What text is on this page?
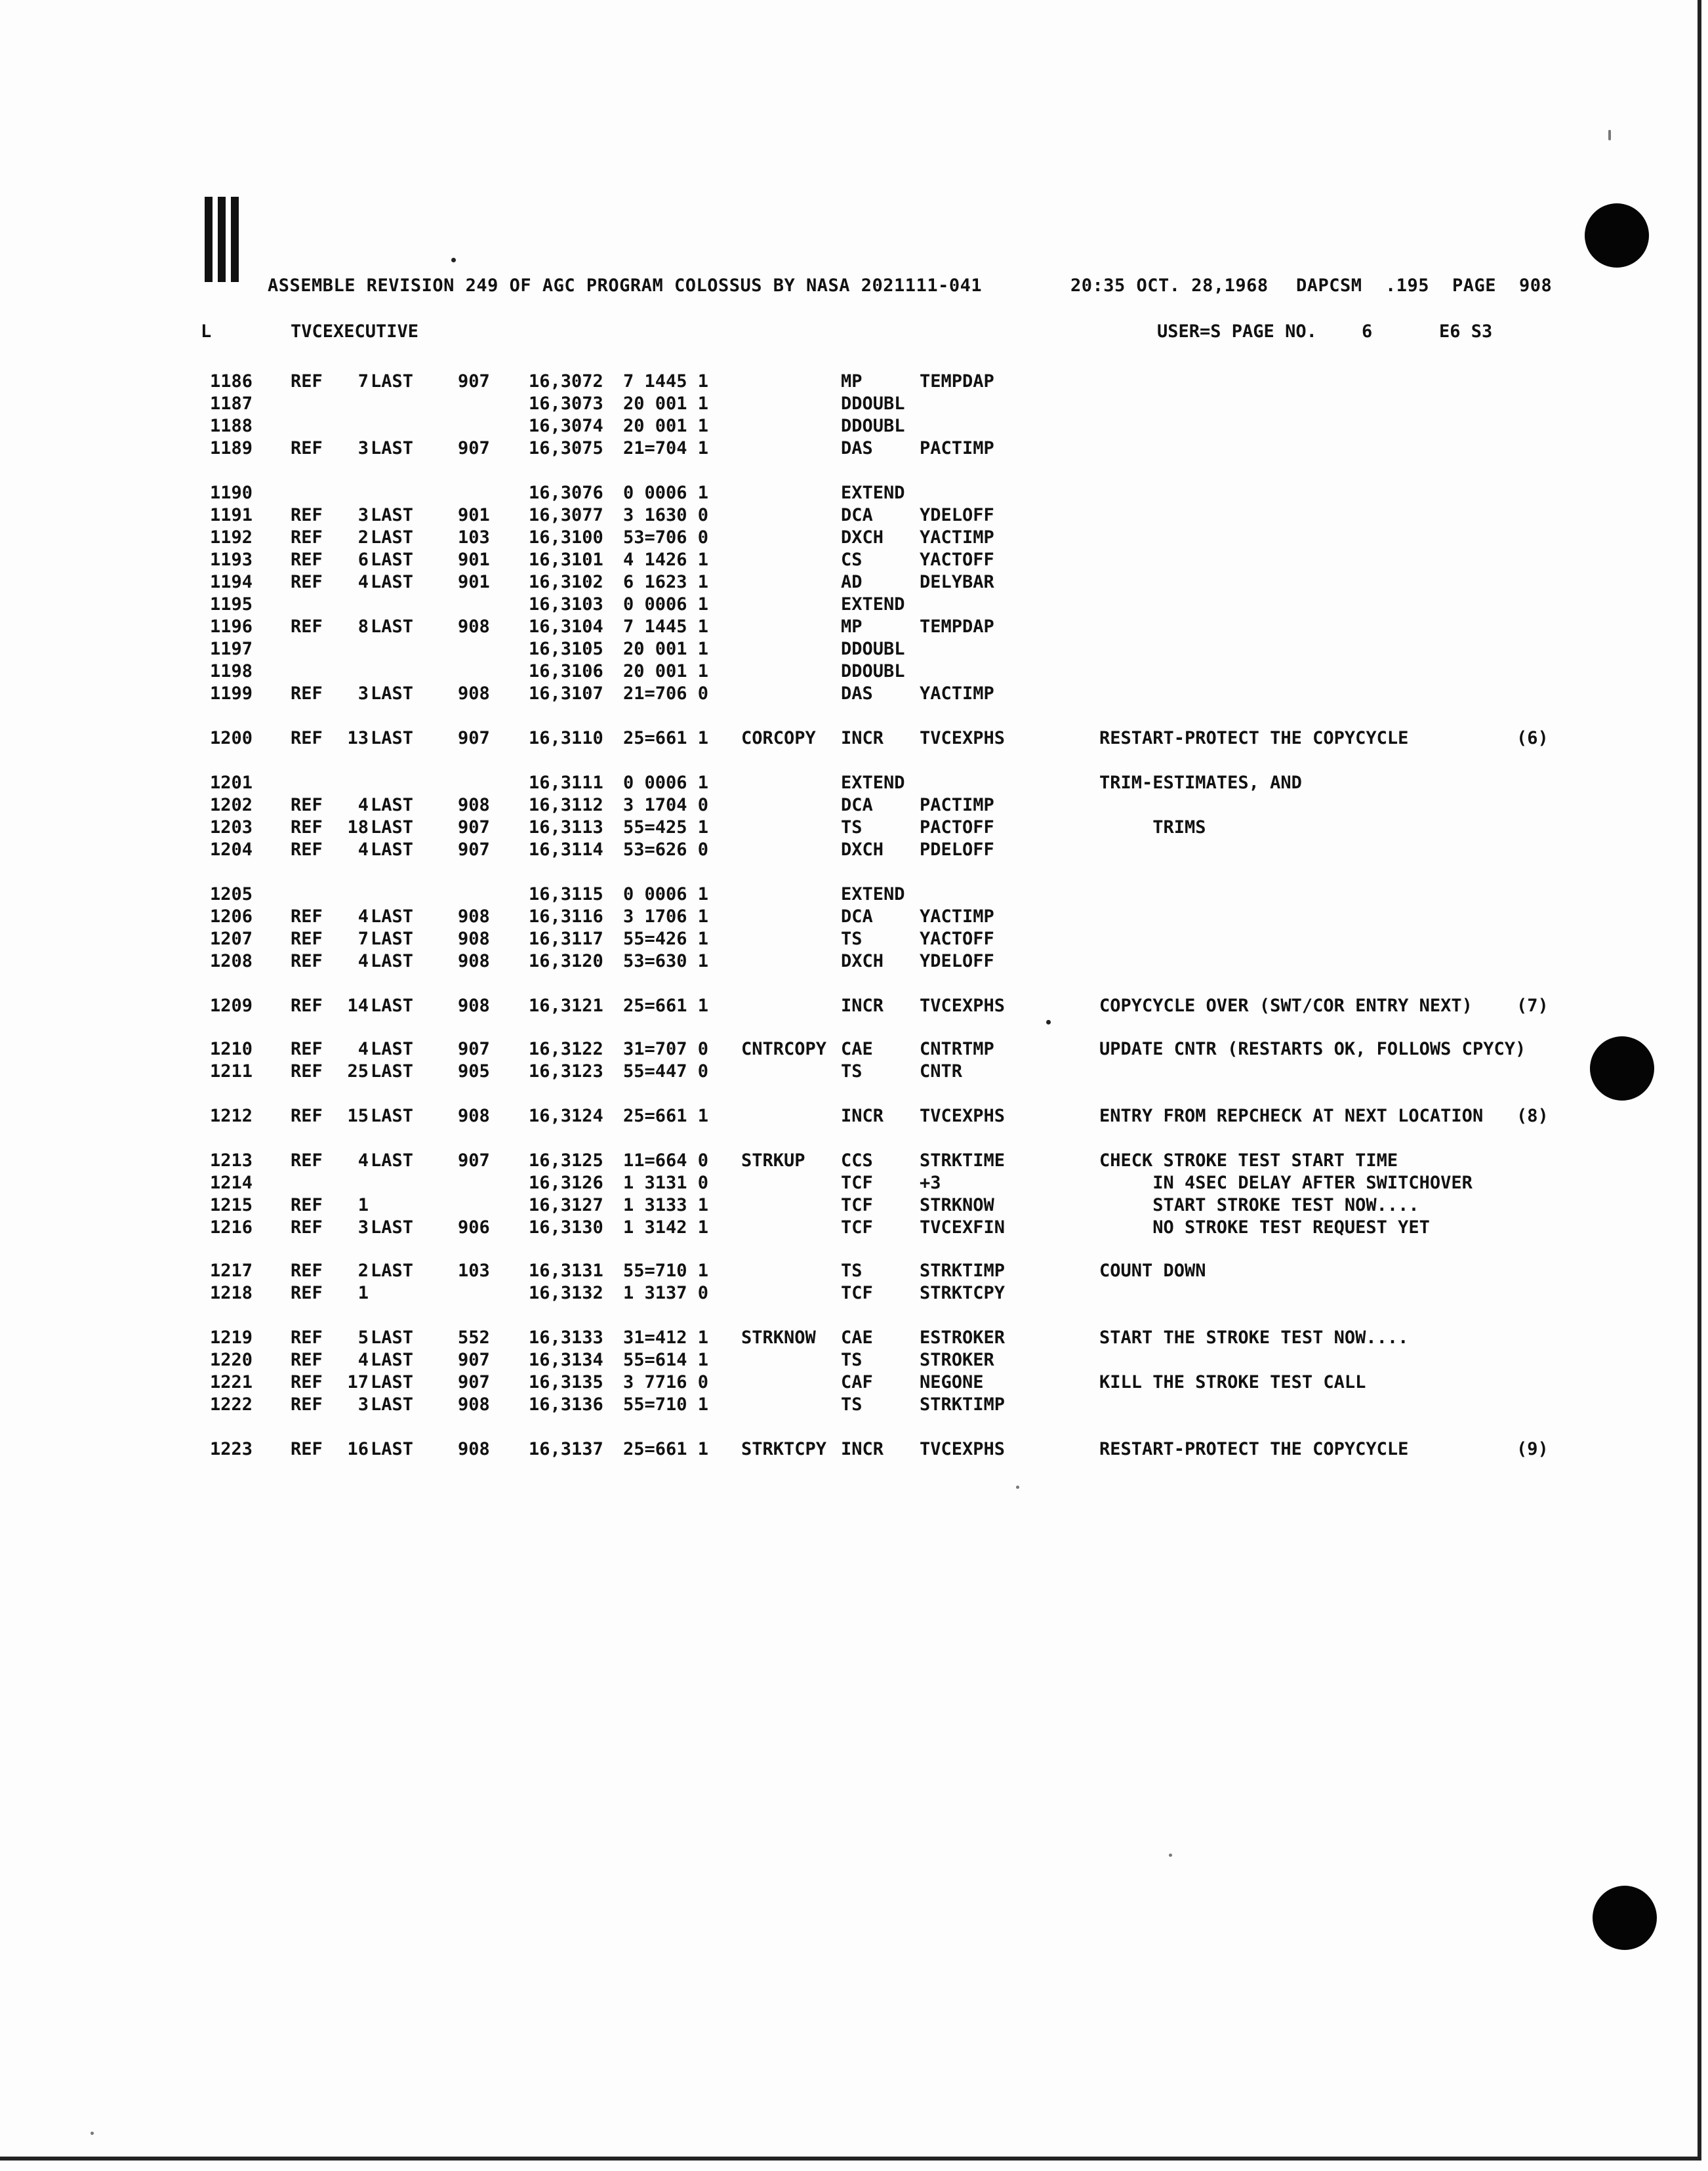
ASSEMBLE REVISION 249 OF AGC PROGRAM COLOSSUS BY NASA 2021111-041	20:35 OCT. 28,1968 DAPCSM .195 PAGE 908
L	TVCEXECUTIVE	USER=S PAGE NO.	6	E6 S3
1186 REF	7 LAST	907 16,3072 7 1445 1	MP	TEMPDAP
1187	16,3073 20 001 1	DDOUBL
1188	16,3074 20 001 1	DDOUBL
1189 REF	3 LAST	907 16,3075 21=704 1	DAS	PACTIMP
1190	16,3076 0 0006 1	EXTEND
1191 REF	3 LAST	901 16,3077 3 1630 0	DCA	YDELOFF
1192 REF	2 LAST	103 16,3100 53=706 0	DXCH YACTIMP
1193 REF	6 LAST	901 16,3101 4 1426 1	CS	YACTOFF
1194 REF	4 LAST	901 16,3102 6 1623 1	AD	DELYBAR
1195	16,3103 0 0006 1	EXTEND
1196 REF	8 LAST	908 16,3104 7 1445 1	MP	TEMPDAP
1197	16,3105 20 001 1	DDOUBL
1198	16,3106 20 001 1	DDOUBL
1199 REF	3 LAST	908 16,3107 21=706 0	DAS	YACTIMP
1200 REF 13 LAST	907 16,3110 25=661 1 CORCOPY INCR TVCEXPHS	RESTART-PROTECT THE COPYCYCLE	(6)
1201	16,3111 0 0006 1	EXTEND	TRIM-ESTIMATES, AND
1202 REF	4 LAST	908 16,3112 3 1704 0	DCA	PACTIMP
1203 REF 18 LAST	907 16,3113 55=425 1	TS	PACTOFF	TRIMS
1204 REF	4 LAST	907 16,3114 53=626 0	DXCH PDELOFF
1205	16,3115 0 0006 1	EXTEND
1206 REF	4 LAST	908 16,3116 3 1706 1	DCA	YACTIMP
1207 REF	7 LAST	908 16,3117 55=426 1	TS	YACTOFF
1208 REF	4 LAST	908 16,3120 53=630 1	DXCH YDELOFF
1209 REF 14 LAST	908 16,3121 25=661 1	INCR TVCEXPHS	COPYCYCLE OVER (SWT/COR ENTRY NEXT) (7)
1210 REF	4 LAST	907 16,3122 31=707 0 CNTRCOPY CAE	CNTRTMP	UPDATE CNTR (RESTARTS OK, FOLLOWS CPYCY)
1211 REF 25 LAST	905 16,3123 55=447 0	TS	CNTR
1212 REF 15 LAST	908 16,3124 25=661 1	INCR TVCEXPHS	ENTRY FROM REPCHECK AT NEXT LOCATION (8)
1213 REF	4 LAST	907 16,3125 11=664 0 STRKUP CCS	STRKTIME	CHECK STROKE TEST START TIME
1214	16,3126 1 3131 0	TCF	+3	IN 4SEC DELAY AFTER SWITCHOVER
1215 REF	1	16,3127 1 3133 1	TCF	STRKNOW	START STROKE TEST NOW....
1216 REF	3 LAST	906 16,3130 1 3142 1	TCF	TVCEXFIN	NO STROKE TEST REQUEST YET
1217 REF	2 LAST	103 16,3131 55=710 1	TS	STRKTIMP	COUNT DOWN
1218 REF	1	16,3132 1 3137 0	TCF	STRKTCPY
1219 REF	5 LAST	552 16,3133 31=412 1 STRKNOW CAE	ESTROKER	START THE STROKE TEST NOW....
1220 REF	4 LAST	907 16,3134 55=614 1	TS	STROKER
1221 REF 17 LAST	907 16,3135 3 7716 0	CAF	NEGONE	KILL THE STROKE TEST CALL
1222 REF	3 LAST	908 16,3136 55=710 1	TS	STRKTIMP
1223 REF 16 LAST	908 16,3137 25=661 1 STRKTCPY INCR TVCEXPHS	RESTART-PROTECT THE COPYCYCLE	(9)
